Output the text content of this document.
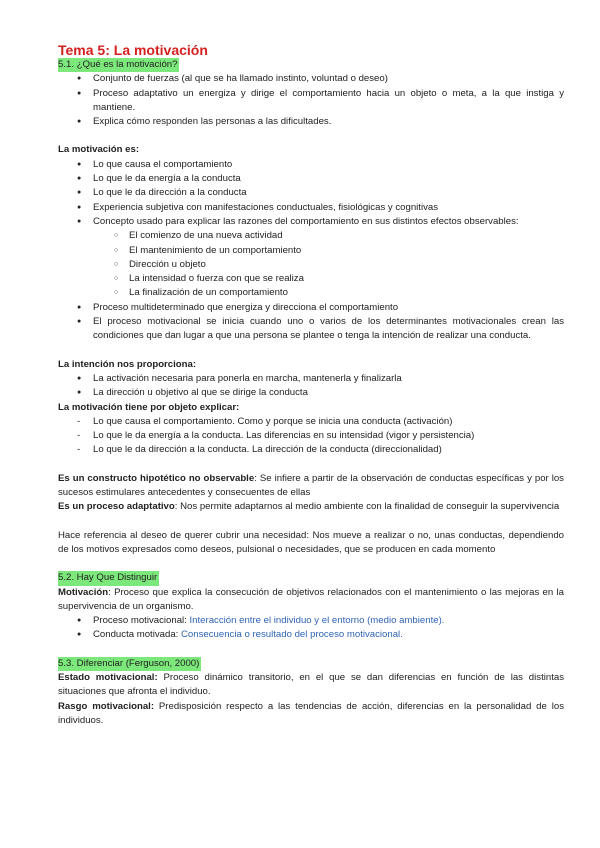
Tema 5: La motivación

5.1. ¿Qué es la motivación?

● Conjunto de fuerzas (al que se ha llamado instinto, voluntad o deseo)
● Proceso adaptativo un energiza y dirige el comportamiento hacia un objeto o meta, a la que instiga y mantiene.
● Explica cómo responden las personas a las dificultades.

La motivación es:

● Lo que causa el comportamiento
● Lo que le da energía a la conducta
● Lo que le da dirección a la conducta
● Experiencia subjetiva con manifestaciones conductuales, fisiológicas y cognitivas
● Concepto usado para explicar las razones del comportamiento en sus distintos efectos observables:
○ El comienzo de una nueva actividad
○ El mantenimiento de un comportamiento
○ Dirección u objeto
○ La intensidad o fuerza con que se realiza
○ La finalización de un comportamiento
● Proceso multideterminado que energiza y direcciona el comportamiento
● El proceso motivacional se inicia cuando uno o varios de los determinantes motivacionales crean las condiciones que dan lugar a que una persona se plantee o tenga la intención de realizar una conducta.

La intención nos proporciona:

● La activación necesaria para ponerla en marcha, mantenerla y finalizarla
● La dirección u objetivo al que se dirige la conducta

La motivación tiene por objeto explicar:

- Lo que causa el comportamiento. Como y porque se inicia una conducta (activación)
- Lo que le da energía a la conducta. Las diferencias en su intensidad (vigor y persistencia)
- Lo que le da dirección a la conducta. La dirección de la conducta (direccionalidad)

Es un constructo hipotético no observable: Se infiere a partir de la observación de conductas específicas y por los sucesos estimulares antecedentes y consecuentes de ellas

Es un proceso adaptativo: Nos permite adaptarnos al medio ambiente con la finalidad de conseguir la supervivencia

Hace referencia al deseo de querer cubrir una necesidad: Nos mueve a realizar o no, unas conductas, dependiendo de los motivos expresados como deseos, pulsional o necesidades, que se producen en cada momento

5.2. Hay Que Distinguir

Motivación: Proceso que explica la consecución de objetivos relacionados con el mantenimiento o las mejoras en la supervivencia de un organismo.

● Proceso motivacional: Interacción entre el individuo y el entorno (medio ambiente).
● Conducta motivada: Consecuencia o resultado del proceso motivacional.

5.3. Diferenciar (Ferguson, 2000)

Estado motivacional: Proceso dinámico transitorio, en el que se dan diferencias en función de las distintas situaciones que afronta el individuo.

Rasgo motivacional: Predisposición respecto a las tendencias de acción, diferencias en la personalidad de los individuos.
